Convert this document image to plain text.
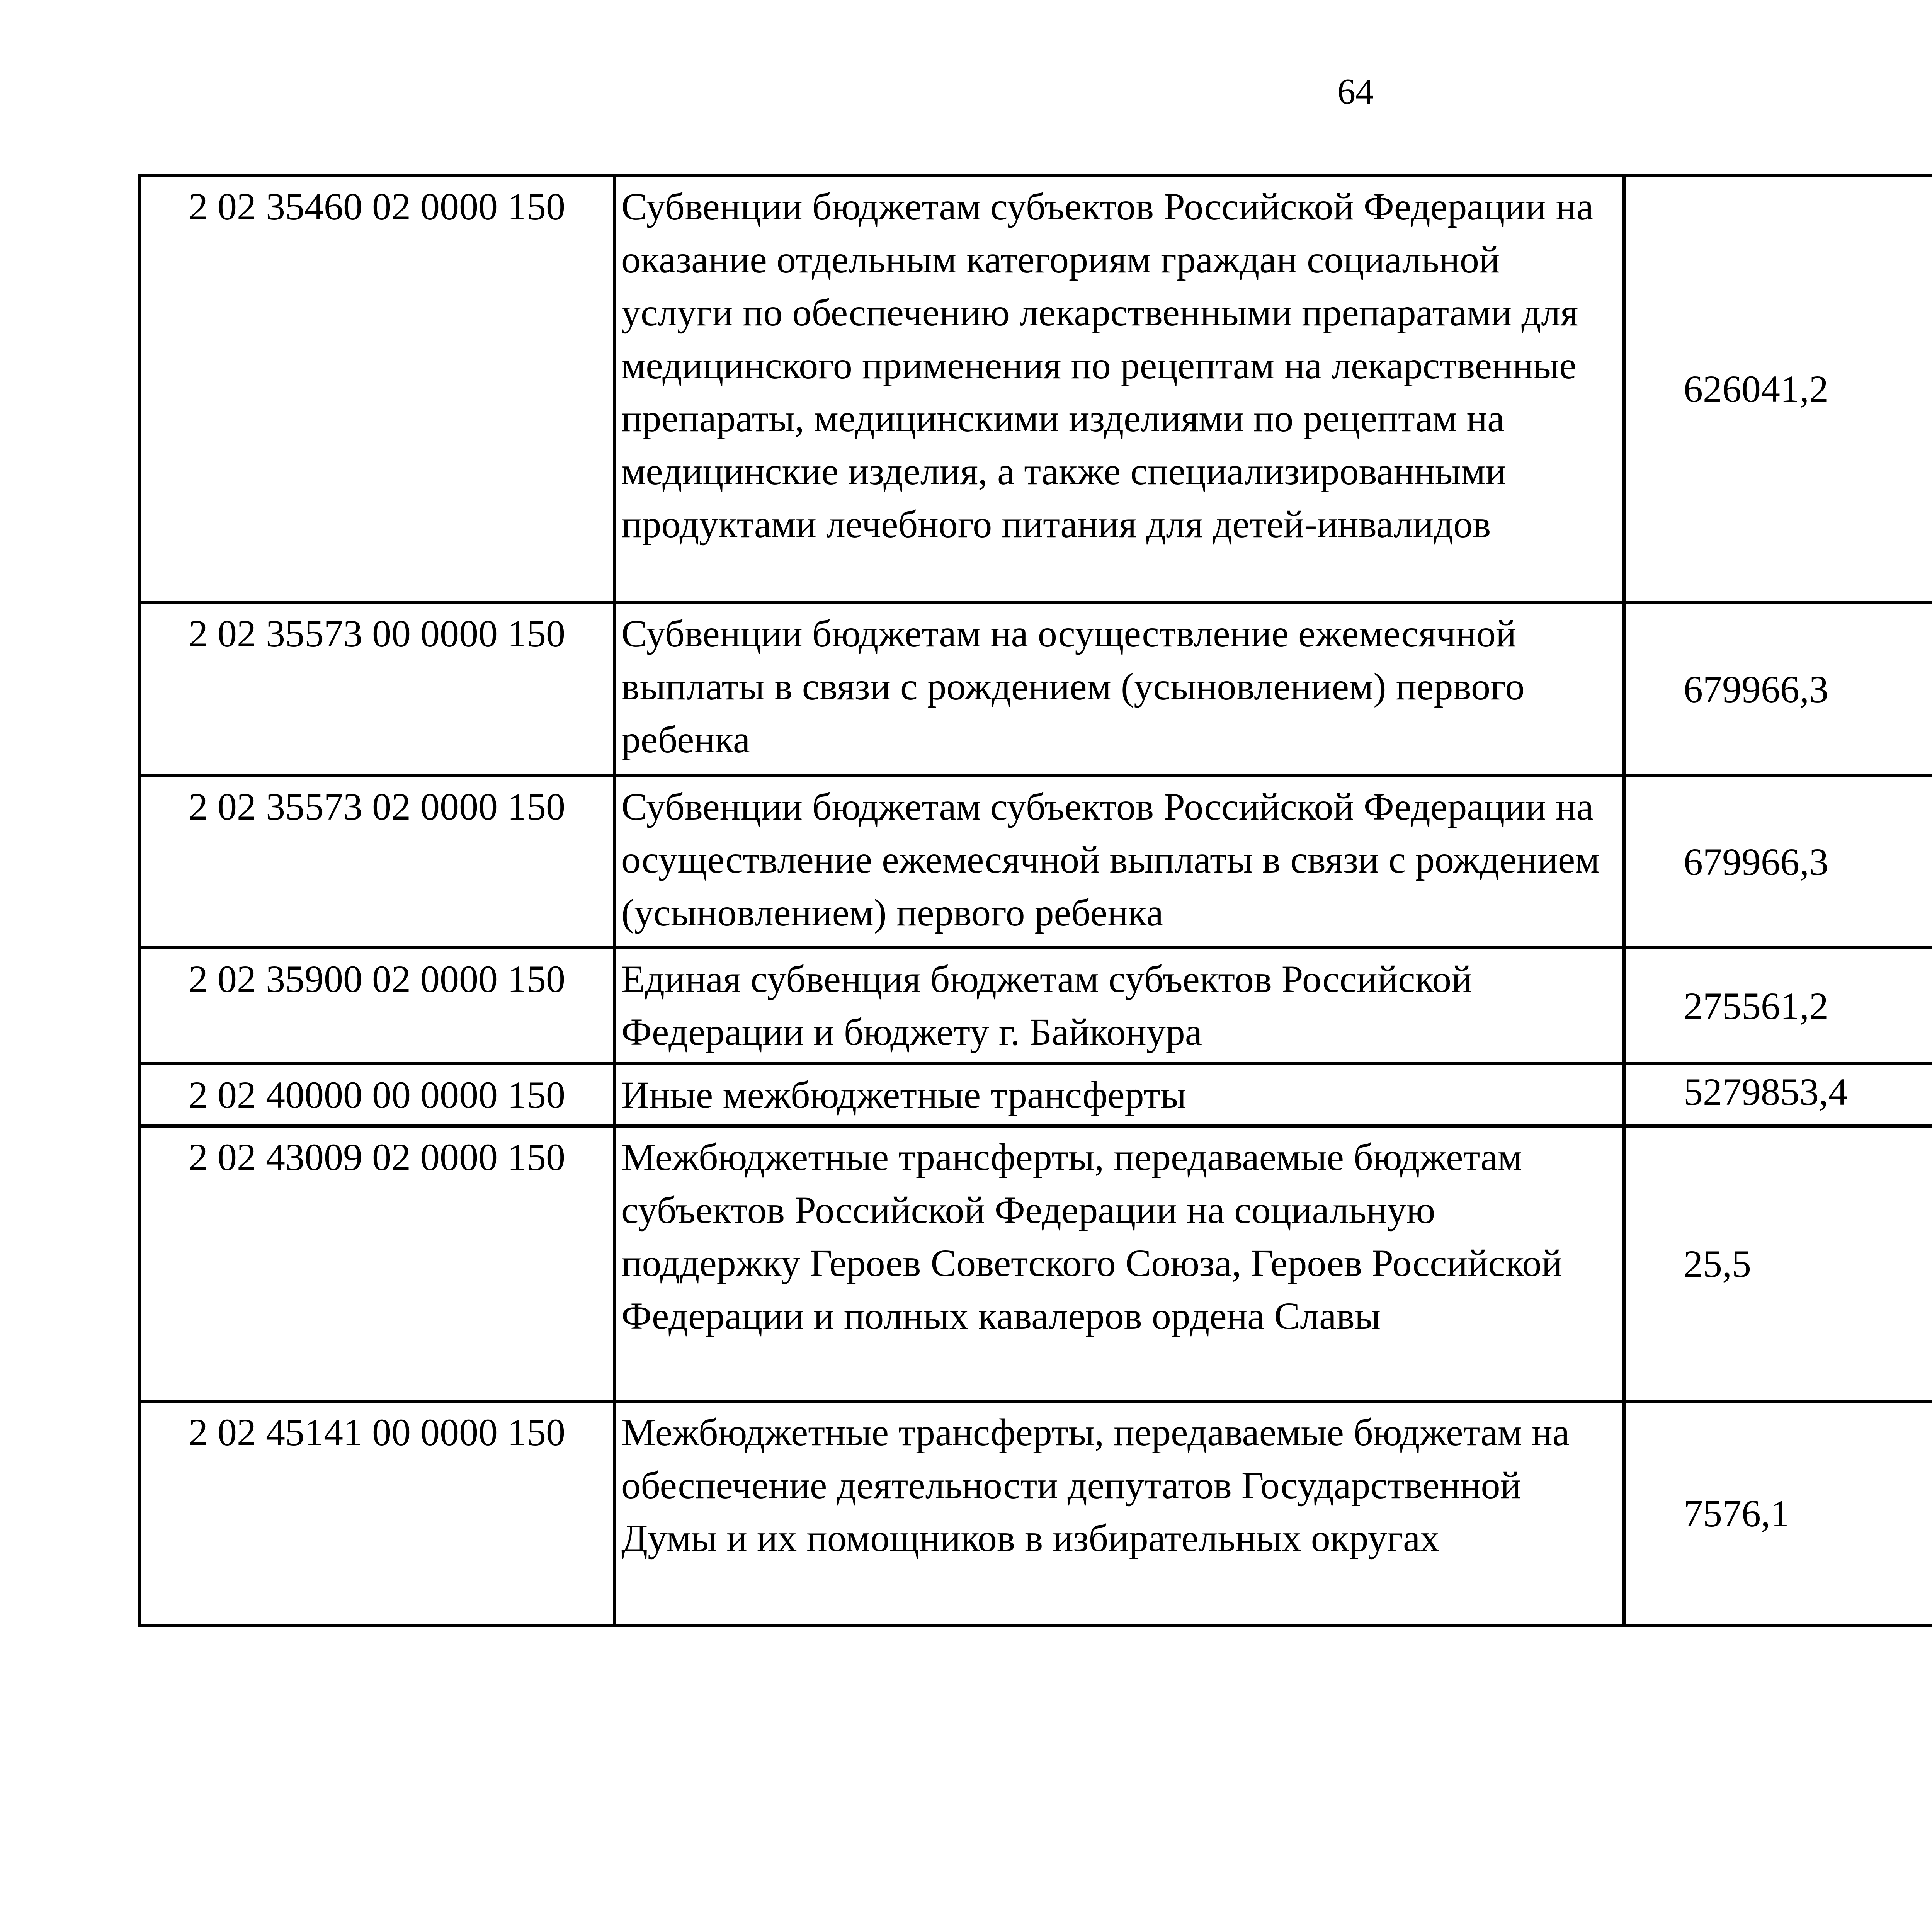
64
2 02 35460 02 0000 150	Субвенции бюджетам субъектов Российской Федерации на оказание отдельным категориям граждан социальной услуги по обеспечению лекарственными препаратами для медицинского применения по рецептам на лекарственные препараты, медицинскими изделиями по рецептам на медицинские изделия, а также специализированными продуктами лечебного питания для детей-инвалидов	626041,2		
2 02 35573 00 0000 150	Субвенции бюджетам на осуществление ежемесячной выплаты в связи с рождением (усыновлением) первого ребенка	679966,3		
2 02 35573 02 0000 150	Субвенции бюджетам субъектов Российской Федерации на осуществление ежемесячной выплаты в связи с рождением (усыновлением) первого ребенка	679966,3		
2 02 35900 02 0000 150	Единая субвенция бюджетам субъектов Российской Федерации и бюджету г. Байконура	275561,2		
2 02 40000 00 0000 150	Иные межбюджетные трансферты	5279853,4		
2 02 43009 02 0000 150	Межбюджетные трансферты, передаваемые бюджетам субъектов Российской Федерации на социальную поддержку Героев Советского Союза, Героев Российской Федерации и полных кавалеров ордена Славы	25,5		
2 02 45141 00 0000 150	Межбюджетные трансферты, передаваемые бюджетам на обеспечение деятельности депутатов Государственной Думы и их помощников в избирательных округах	7576,1		
